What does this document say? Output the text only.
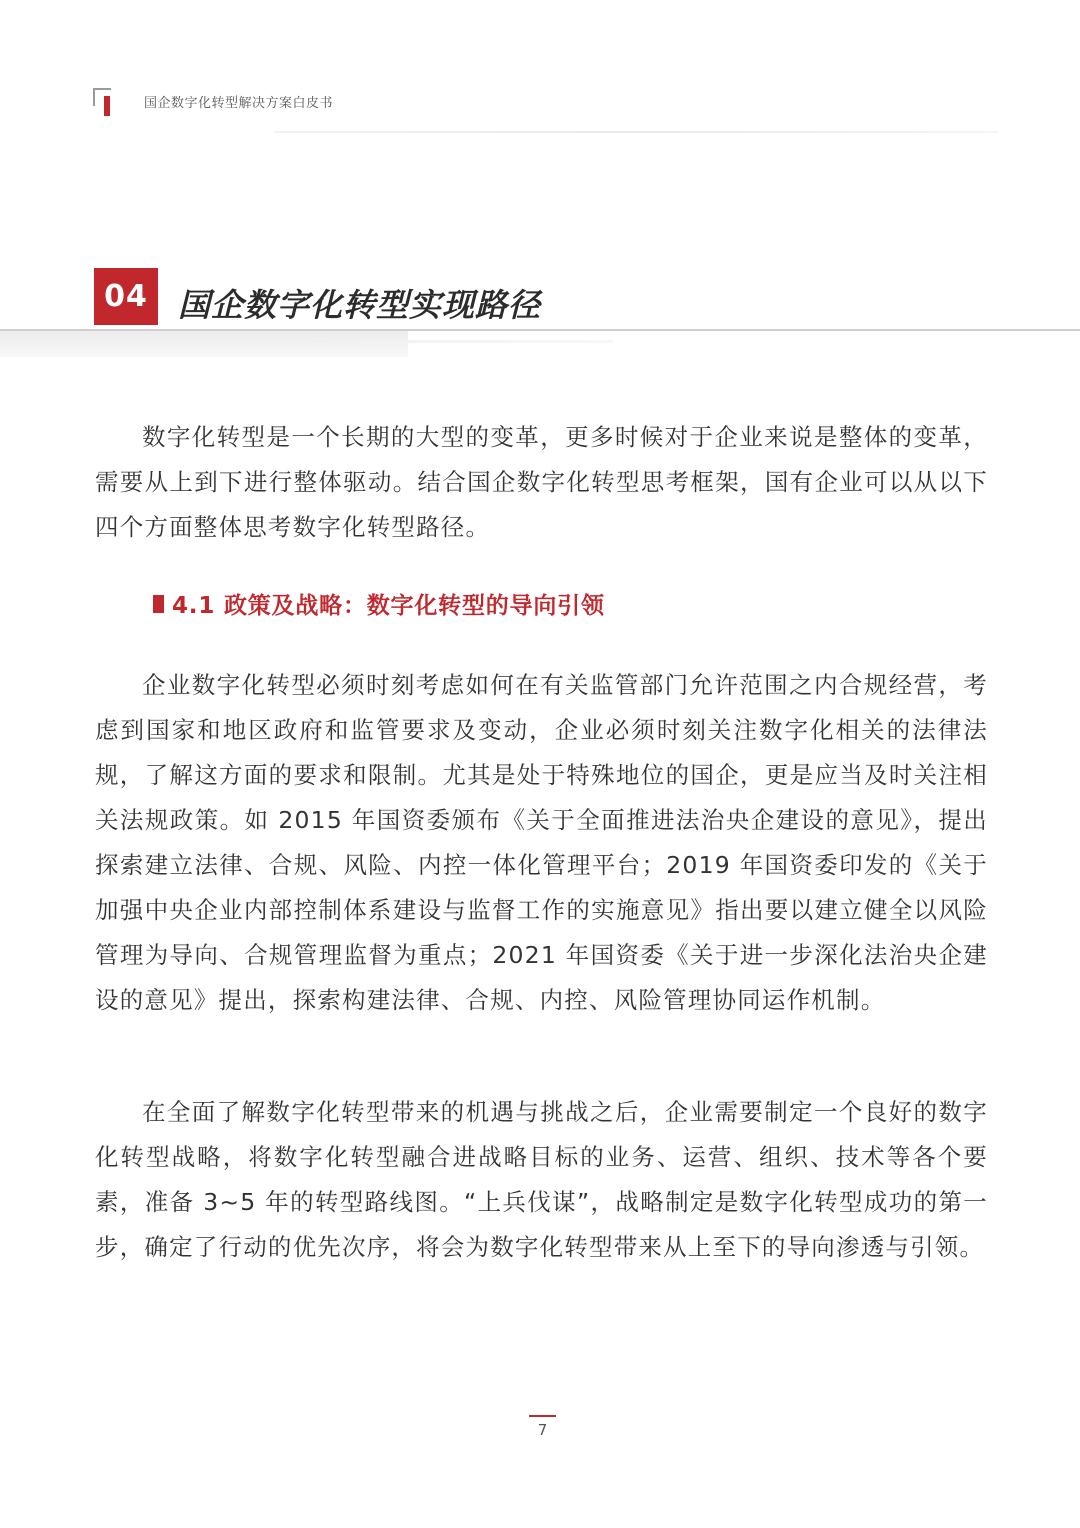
国企数字化转型解决方案白皮书
04 国企数字化转型实现路径

数字化转型是一个长期的大型的变革，更多时候对于企业来说是整体的变革，需要从上到下进行整体驱动。结合国企数字化转型思考框架，国有企业可以从以下四个方面整体思考数字化转型路径。

4.1 政策及战略：数字化转型的导向引领

企业数字化转型必须时刻考虑如何在有关监管部门允许范围之内合规经营，考虑到国家和地区政府和监管要求及变动，企业必须时刻关注数字化相关的法律法规，了解这方面的要求和限制。尤其是处于特殊地位的国企，更是应当及时关注相关法规政策。如 2015 年国资委颁布《关于全面推进法治央企建设的意见》，提出探索建立法律、合规、风险、内控一体化管理平台；2019 年国资委印发的《关于加强中央企业内部控制体系建设与监督工作的实施意见》指出要以建立健全以风险管理为导向、合规管理监督为重点；2021 年国资委《关于进一步深化法治央企建设的意见》提出，探索构建法律、合规、内控、风险管理协同运作机制。

在全面了解数字化转型带来的机遇与挑战之后，企业需要制定一个良好的数字化转型战略，将数字化转型融合进战略目标的业务、运营、组织、技术等各个要素，准备 3~5 年的转型路线图。“上兵伐谋”，战略制定是数字化转型成功的第一步，确定了行动的优先次序，将会为数字化转型带来从上至下的导向渗透与引领。

7
